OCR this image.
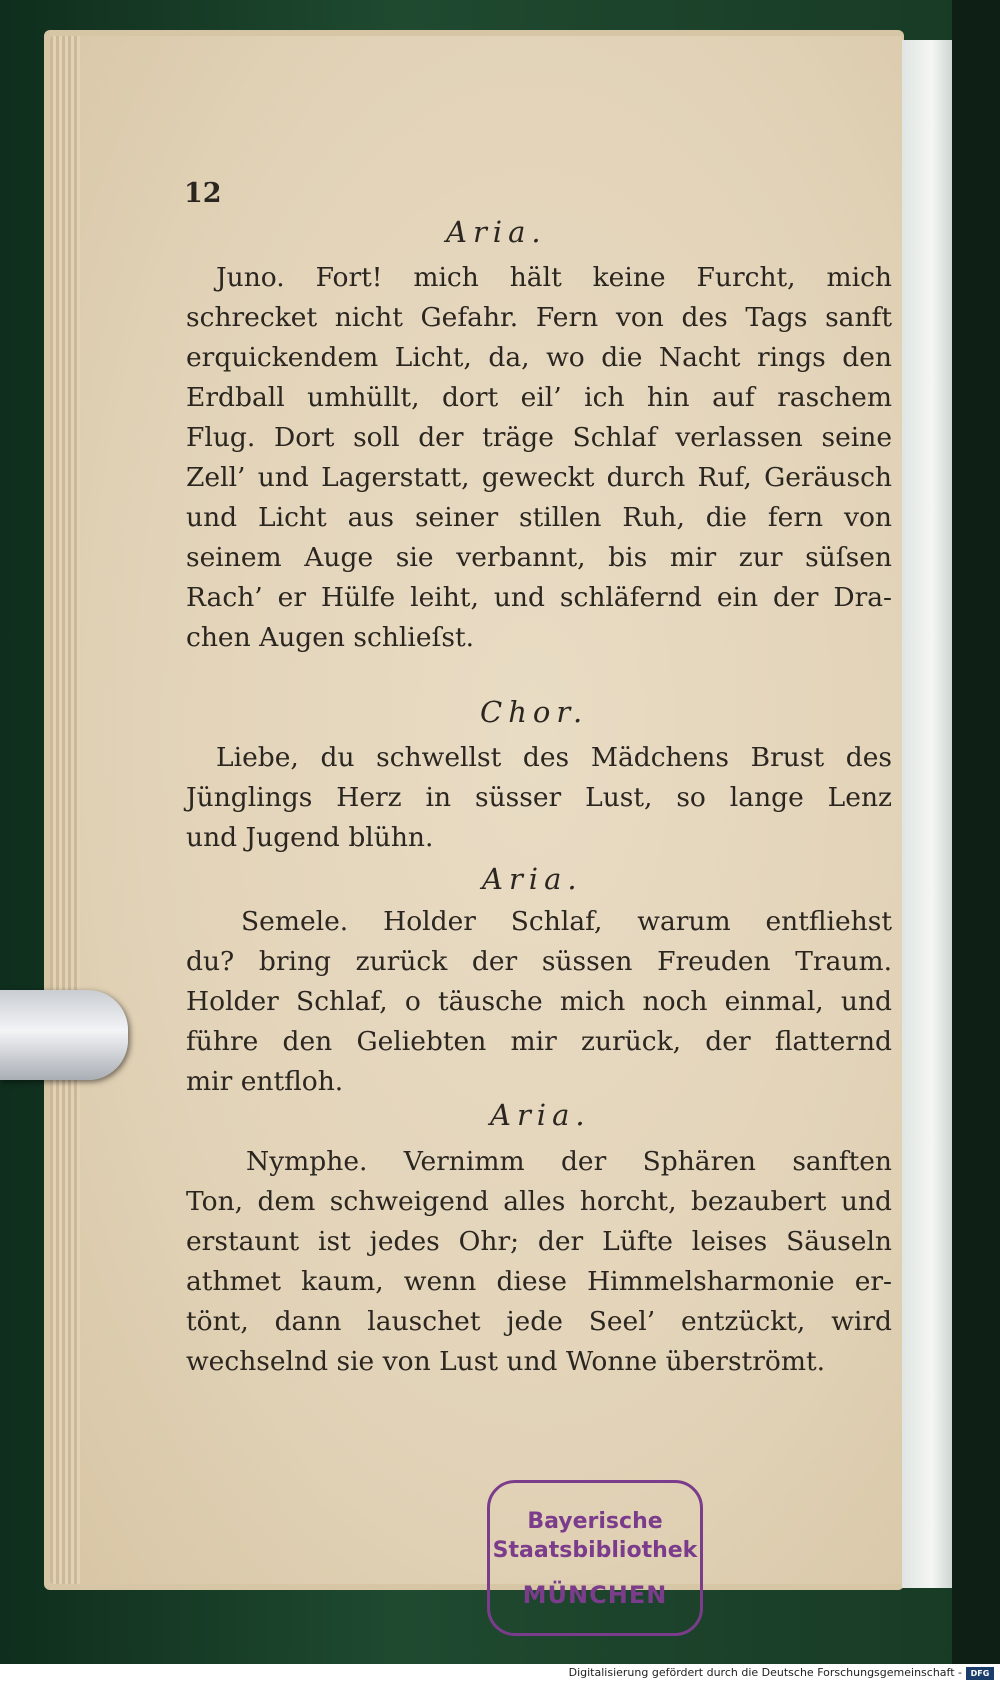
12
Aria.
Juno. Fort! mich hält keine Furcht, mich
schrecket nicht Gefahr. Fern von des Tags sanft
erquickendem Licht, da, wo die Nacht rings den
Erdball umhüllt, dort eil’ ich hin auf raschem
Flug. Dort soll der träge Schlaf verlassen seine
Zell’ und Lagerstatt, geweckt durch Ruf, Geräusch
und Licht aus seiner stillen Ruh, die fern von
seinem Auge sie verbannt, bis mir zur süſsen
Rach’ er Hülfe leiht, und schläfernd ein der Dra-
chen Augen schlieſst.
Chor.
Liebe, du schwellst des Mädchens Brust des
Jünglings Herz in süsser Lust, so lange Lenz
und Jugend blühn.
Aria.
Semele. Holder Schlaf, warum entfliehst
du? bring zurück der süssen Freuden Traum.
Holder Schlaf, o täusche mich noch einmal, und
führe den Geliebten mir zurück, der flatternd
mir entfloh.
Aria.
Nymphe. Vernimm der Sphären sanften
Ton, dem schweigend alles horcht, bezaubert und
erstaunt ist jedes Ohr; der Lüfte leises Säuseln
athmet kaum, wenn diese Himmelsharmonie er-
tönt, dann lauschet jede Seel’ entzückt, wird
wechselnd sie von Lust und Wonne überströmt.
Bayerische
Staatsbibliothek
MÜNCHEN
Digitalisierung gefördert durch die Deutsche Forschungsgemeinschaft -	DFG
